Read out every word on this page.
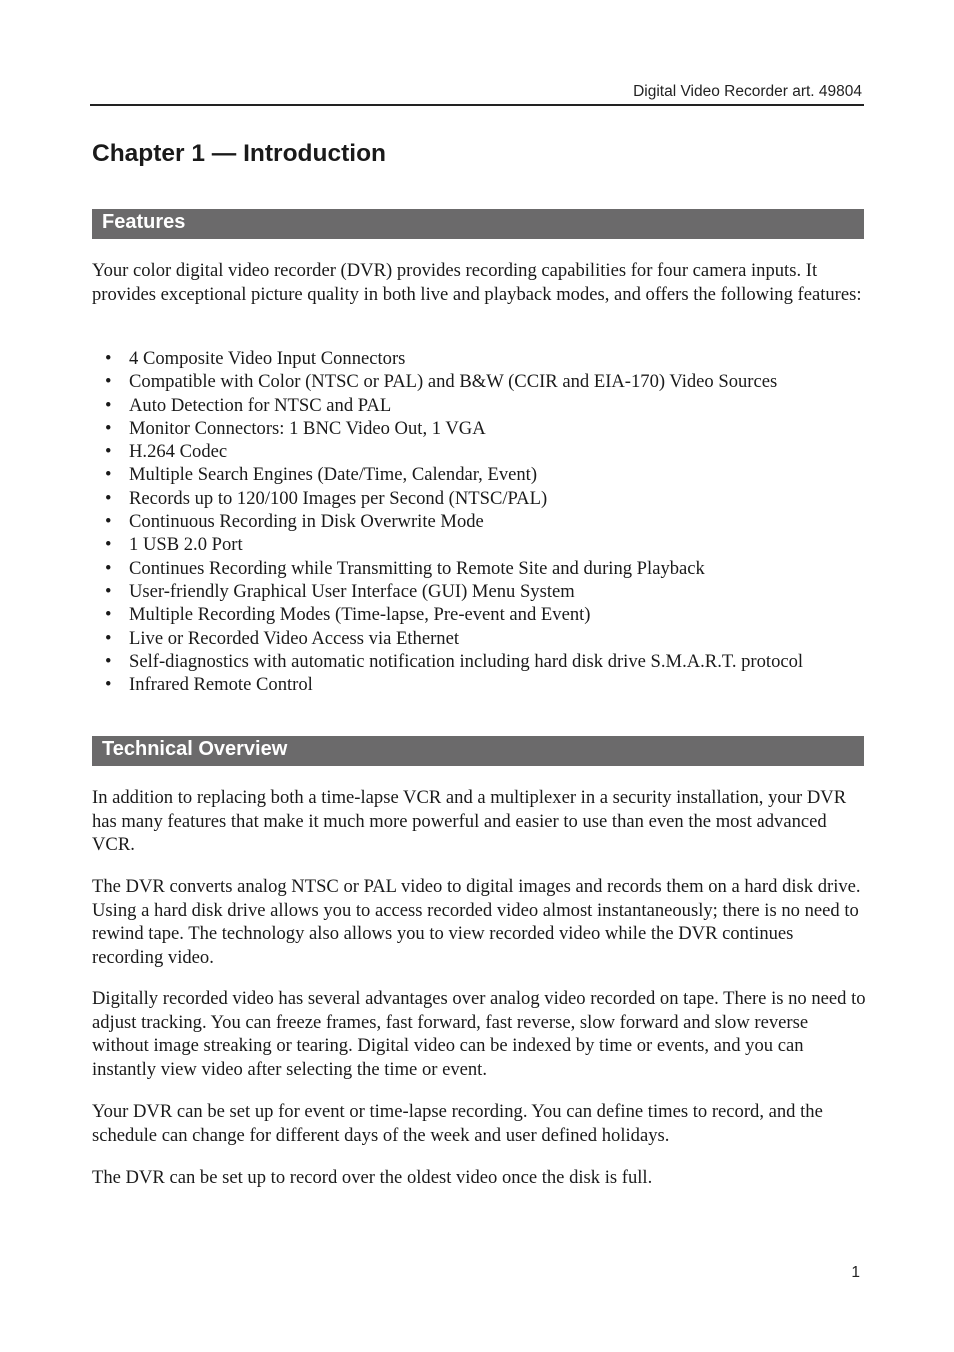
Digital Video Recorder art. 49804
Chapter 1 — Introduction
Features

Your color digital video recorder (DVR) provides recording capabilities for four camera inputs. It provides exceptional picture quality in both live and playback modes, and offers the following features:

• 4 Composite Video Input Connectors
• Compatible with Color (NTSC or PAL) and B&W (CCIR and EIA-170) Video Sources
• Auto Detection for NTSC and PAL
• Monitor Connectors: 1 BNC Video Out, 1 VGA
• H.264 Codec
• Multiple Search Engines (Date/Time, Calendar, Event)
• Records up to 120/100 Images per Second (NTSC/PAL)
• Continuous Recording in Disk Overwrite Mode
• 1 USB 2.0 Port
• Continues Recording while Transmitting to Remote Site and during Playback
• User-friendly Graphical User Interface (GUI) Menu System
• Multiple Recording Modes (Time-lapse, Pre-event and Event)
• Live or Recorded Video Access via Ethernet
• Self-diagnostics with automatic notification including hard disk drive S.M.A.R.T. protocol
• Infrared Remote Control
Technical Overview

In addition to replacing both a time-lapse VCR and a multiplexer in a security installation, your DVR has many features that make it much more powerful and easier to use than even the most advanced VCR.

The DVR converts analog NTSC or PAL video to digital images and records them on a hard disk drive. Using a hard disk drive allows you to access recorded video almost instantaneously; there is no need to rewind tape. The technology also allows you to view recorded video while the DVR continues recording video.

Digitally recorded video has several advantages over analog video recorded on tape. There is no need to adjust tracking. You can freeze frames, fast forward, fast reverse, slow forward and slow reverse without image streaking or tearing. Digital video can be indexed by time or events, and you can instantly view video after selecting the time or event.

Your DVR can be set up for event or time-lapse recording. You can define times to record, and the schedule can change for different days of the week and user defined holidays.

The DVR can be set up to record over the oldest video once the disk is full.

1
